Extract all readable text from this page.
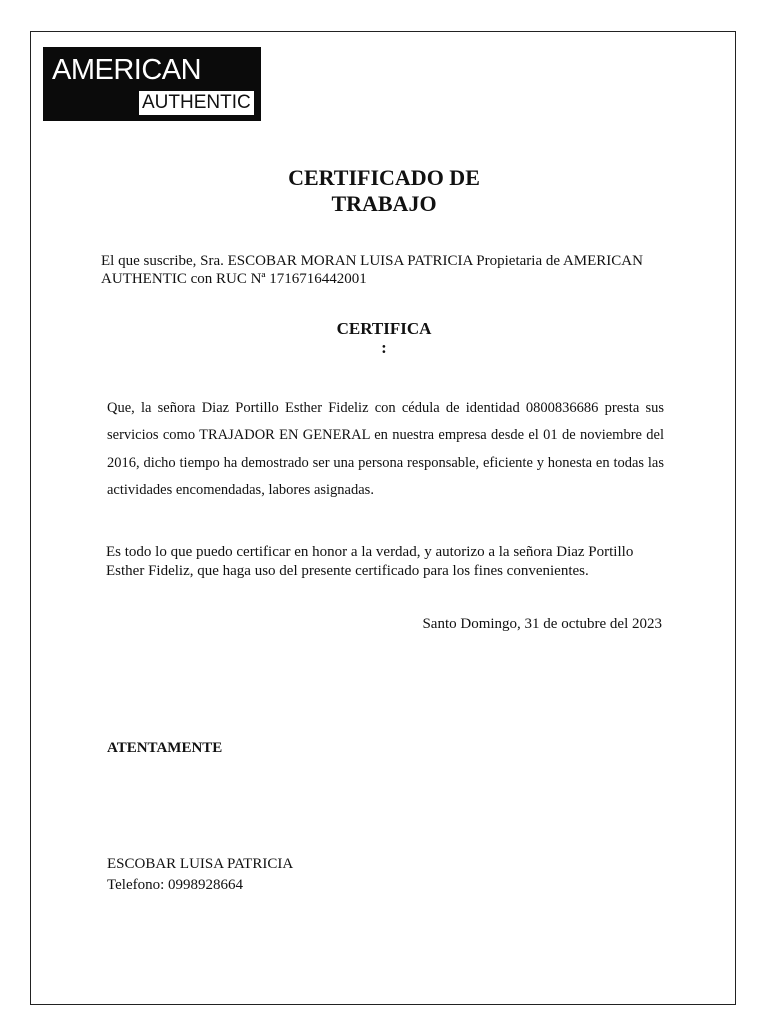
AMERICAN
AUTHENTIC
CERTIFICADO DE
TRABAJO
El que suscribe, Sra. ESCOBAR MORAN LUISA PATRICIA Propietaria de AMERICAN
AUTHENTIC con RUC Nª 1716716442001
CERTIFICA
:
Que, la señora Diaz Portillo Esther Fideliz con cédula de identidad 0800836686 presta sus servicios como TRAJADOR EN GENERAL en nuestra empresa desde el 01 de noviembre del 2016, dicho tiempo ha demostrado ser una persona responsable, eficiente y honesta en todas las actividades encomendadas, labores asignadas.
Es todo lo que puedo certificar en honor a la verdad, y autorizo a la señora Diaz Portillo
Esther Fideliz, que haga uso del presente certificado para los fines convenientes.
Santo Domingo, 31 de octubre del 2023
ATENTAMENTE
ESCOBAR LUISA PATRICIA
Telefono: 0998928664
